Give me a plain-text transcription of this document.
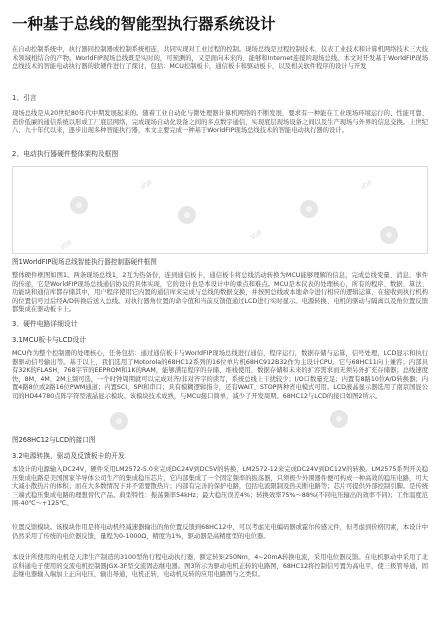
一种基于总线的智能型执行器系统设计
在自动控制系统中，执行器同控制器或控制系统相连，共同实现对工业过程的控制。现场总线是过程控制技术、仪表工业技术和计算机网络技术三大技术领域相结合的产物。WorldFIP现场总线既是实时的，可预测的，又是面向未来的、能够和Internet连接的现场总线。本文对开发基于WorldFIP现场总线技术的智能电动执行器的软硬件进行了探讨，包括：MCU控制板卡，通信板卡和驱动板卡，以及相关软件程序的设计与开发
1、引言
现场总线是从20世纪80年代中期发展起来的。随着工业自动化与微处理器计算机网络的不断发展，要求有一种能在工业现场环境运行的、性能可靠、造价低廉的通信系统以形成工厂底层网络，完成现场自动化设备之间的多点数字通信，实现底层现场设备之间以及生产现场与外界的信息交换。上世纪八、九十年代以来，逐步出现多种智能执行器，本文主要完成一种基于WorldFIP现场总线技术的智能电动执行器的设计。
2、电动执行器硬件整体架构及框图
图1WorldFIP现场总线智能执行器控制器硬件框图
整体硬件框图如图1。两条现场总线1，2互为热备份，连到通信板卡，通信板卡将总线活动转换为MCU能够理解的信息，完成总线变量、消息、事件的传递，它是WorldFIP现场总线通信协议的具体实现，它的设计也是本设计中的重点和难点。MCU是本仪表的处理核心，所有的程序、数据、算法、功能块和通信库都存储其中，用户程序使用它内置的通信库来完成与总线的数据交换，并按照总线或本地命令进行相应的逻辑运算，在接收到执行机构的位置信号过后经A/D转换后送入总线。对执行器角位置的命令值和当前反馈值通过LCD进行实时显示。电源转换、电机的驱动与隔离以及角位置反馈都集成在驱动板卡上。
3、硬件电路详细设计
3.1MCU板卡与LCD设计
MCU作为整个控制器的处理核心，任务包括：通过通信板卡与WorldFIP现场总线进行通信，程序运行，数据存储与运算，信号处理，LCD显示和执行器驱动信号输出等。基于以上，我们选用了Motorola的68HC12系列的16位单片机68HC912B32作为主设计CPU。它与68HC11向上兼容；内部具有32K的FLASH，768字节的EEPROM和1K的RAM，能够满足程序的存储、堆栈使用、数据存储和未来的扩容需求而无须另外扩充存储器；总线速度快，8M，4M，2M主频可选，一个时钟周期就可以完成对齐/非对齐字的读写，系统总线上干扰较少；I/O口数量充足；内置有8路10位A/D转换器；内置4路8位或2路16位PWM通道；内置SCI，SPI和串口；具有模糊逻辑指令，还有WAIT、STOP两种省电模式可用。LCD液晶显示器选用了南京国显公司的HD44780点阵字符型液晶显示模块。该模块技术成熟，与MCU接口简单，减少了开发周期。68HC12与LCD的接口如图2所示。
图268HC12与LCD的接口图
3.2电源转换、驱动及反馈板卡的开发
本设计的电源输入DC24V，硬件采用LM2572-5.0来完成DC24V到DC5V的转换，LM2572-12来完成DC24V到DC12V的转换。LM2575系列开关稳压集成电路是美国国家半导体公司生产的集成稳压芯片，它内部集成了一个固定频率的振荡器，只须极少外围器件便可构成一种高效的稳压电路，可大大减小散热片的体积；而在大多数情况下并不需要散热片；内部有完善的保护电路，包括电流限制及热关断电路等；芯片可提供外部控制引脚。是传统三端式稳压集成电路的理想替代产品。典型特性：振荡频率54kHz；最大稳压误差4%；转换效率75%～88%(不同电压输出的效率不同)；工作温度范围-40℃～+125℃。
位置反馈模块。该模块作用是将电动机经减速器输出的角位置反馈到68HC12中，可以考虑光电编码器或霍尔传感元件，但考虑到价格因素，本设计中仍然采用了传统的电位器反馈，量程为0-1000Ω，精度为1%，驱动器是高精度型的电位器。
本设计所使用的电机是天津生产制造的3100型角行程电动执行器，额定转矩250Nm，4~20mA转换电流，采用电位器反馈。在电机驱动中采用了北京科通电子使用的交流电机控制器JGX-3F型交流固态继电器。图3所示为驱动电机正转的电路图，68HC12将控制信号置为高电平，使三极管导通，固态继电器输入端加上正向电压，输出导通，电机正转，电动机反转的应用电路图与之类似。
试读
试读
试读
试读
